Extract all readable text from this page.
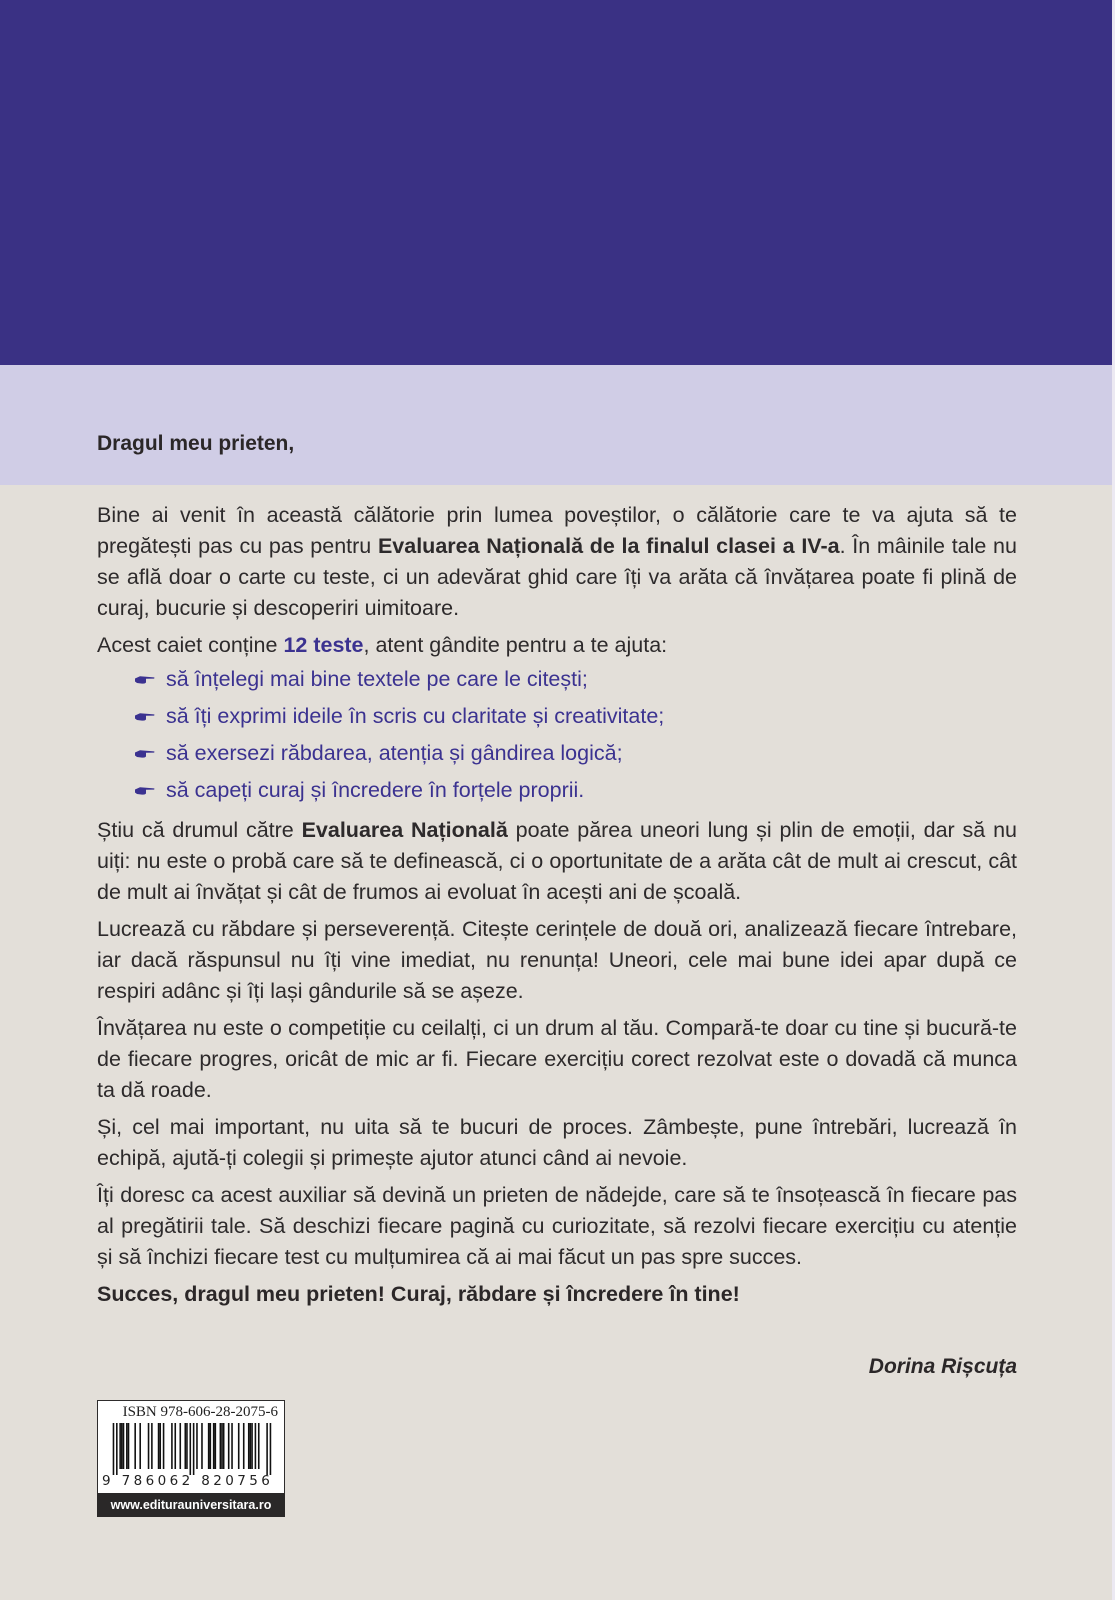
Dragul meu prieten,

Bine ai venit în această călătorie prin lumea poveștilor, o călătorie care te va ajuta să te pregătești pas cu pas pentru Evaluarea Națională de la finalul clasei a IV-a. În mâinile tale nu se află doar o carte cu teste, ci un adevărat ghid care îți va arăta că învățarea poate fi plină de curaj, bucurie și descoperiri uimitoare.

Acest caiet conține 12 teste, atent gândite pentru a te ajuta:

să înțelegi mai bine textele pe care le citești;
să îți exprimi ideile în scris cu claritate și creativitate;
să exersezi răbdarea, atenția și gândirea logică;
să capeți curaj și încredere în forțele proprii.

Știu că drumul către Evaluarea Națională poate părea uneori lung și plin de emoții, dar să nu uiți: nu este o probă care să te definească, ci o oportunitate de a arăta cât de mult ai crescut, cât de mult ai învățat și cât de frumos ai evoluat în acești ani de școală.

Lucrează cu răbdare și perseverență. Citește cerințele de două ori, analizează fiecare întrebare, iar dacă răspunsul nu îți vine imediat, nu renunța! Uneori, cele mai bune idei apar după ce respiri adânc și îți lași gândurile să se așeze.

Învățarea nu este o competiție cu ceilalți, ci un drum al tău. Compară-te doar cu tine și bucură-te de fiecare progres, oricât de mic ar fi. Fiecare exercițiu corect rezolvat este o dovadă că munca ta dă roade.

Și, cel mai important, nu uita să te bucuri de proces. Zâmbește, pune întrebări, lucrează în echipă, ajută-ți colegii și primește ajutor atunci când ai nevoie.

Îți doresc ca acest auxiliar să devină un prieten de nădejde, care să te însoțească în fiecare pas al pregătirii tale. Să deschizi fiecare pagină cu curiozitate, să rezolvi fiecare exercițiu cu atenție și să închizi fiecare test cu mulțumirea că ai mai făcut un pas spre succes.

Succes, dragul meu prieten! Curaj, răbdare și încredere în tine!

Dorina Rișcuța
ISBN 978-606-28-2075-6
9 786062 820756
www.editurauniversitara.ro
